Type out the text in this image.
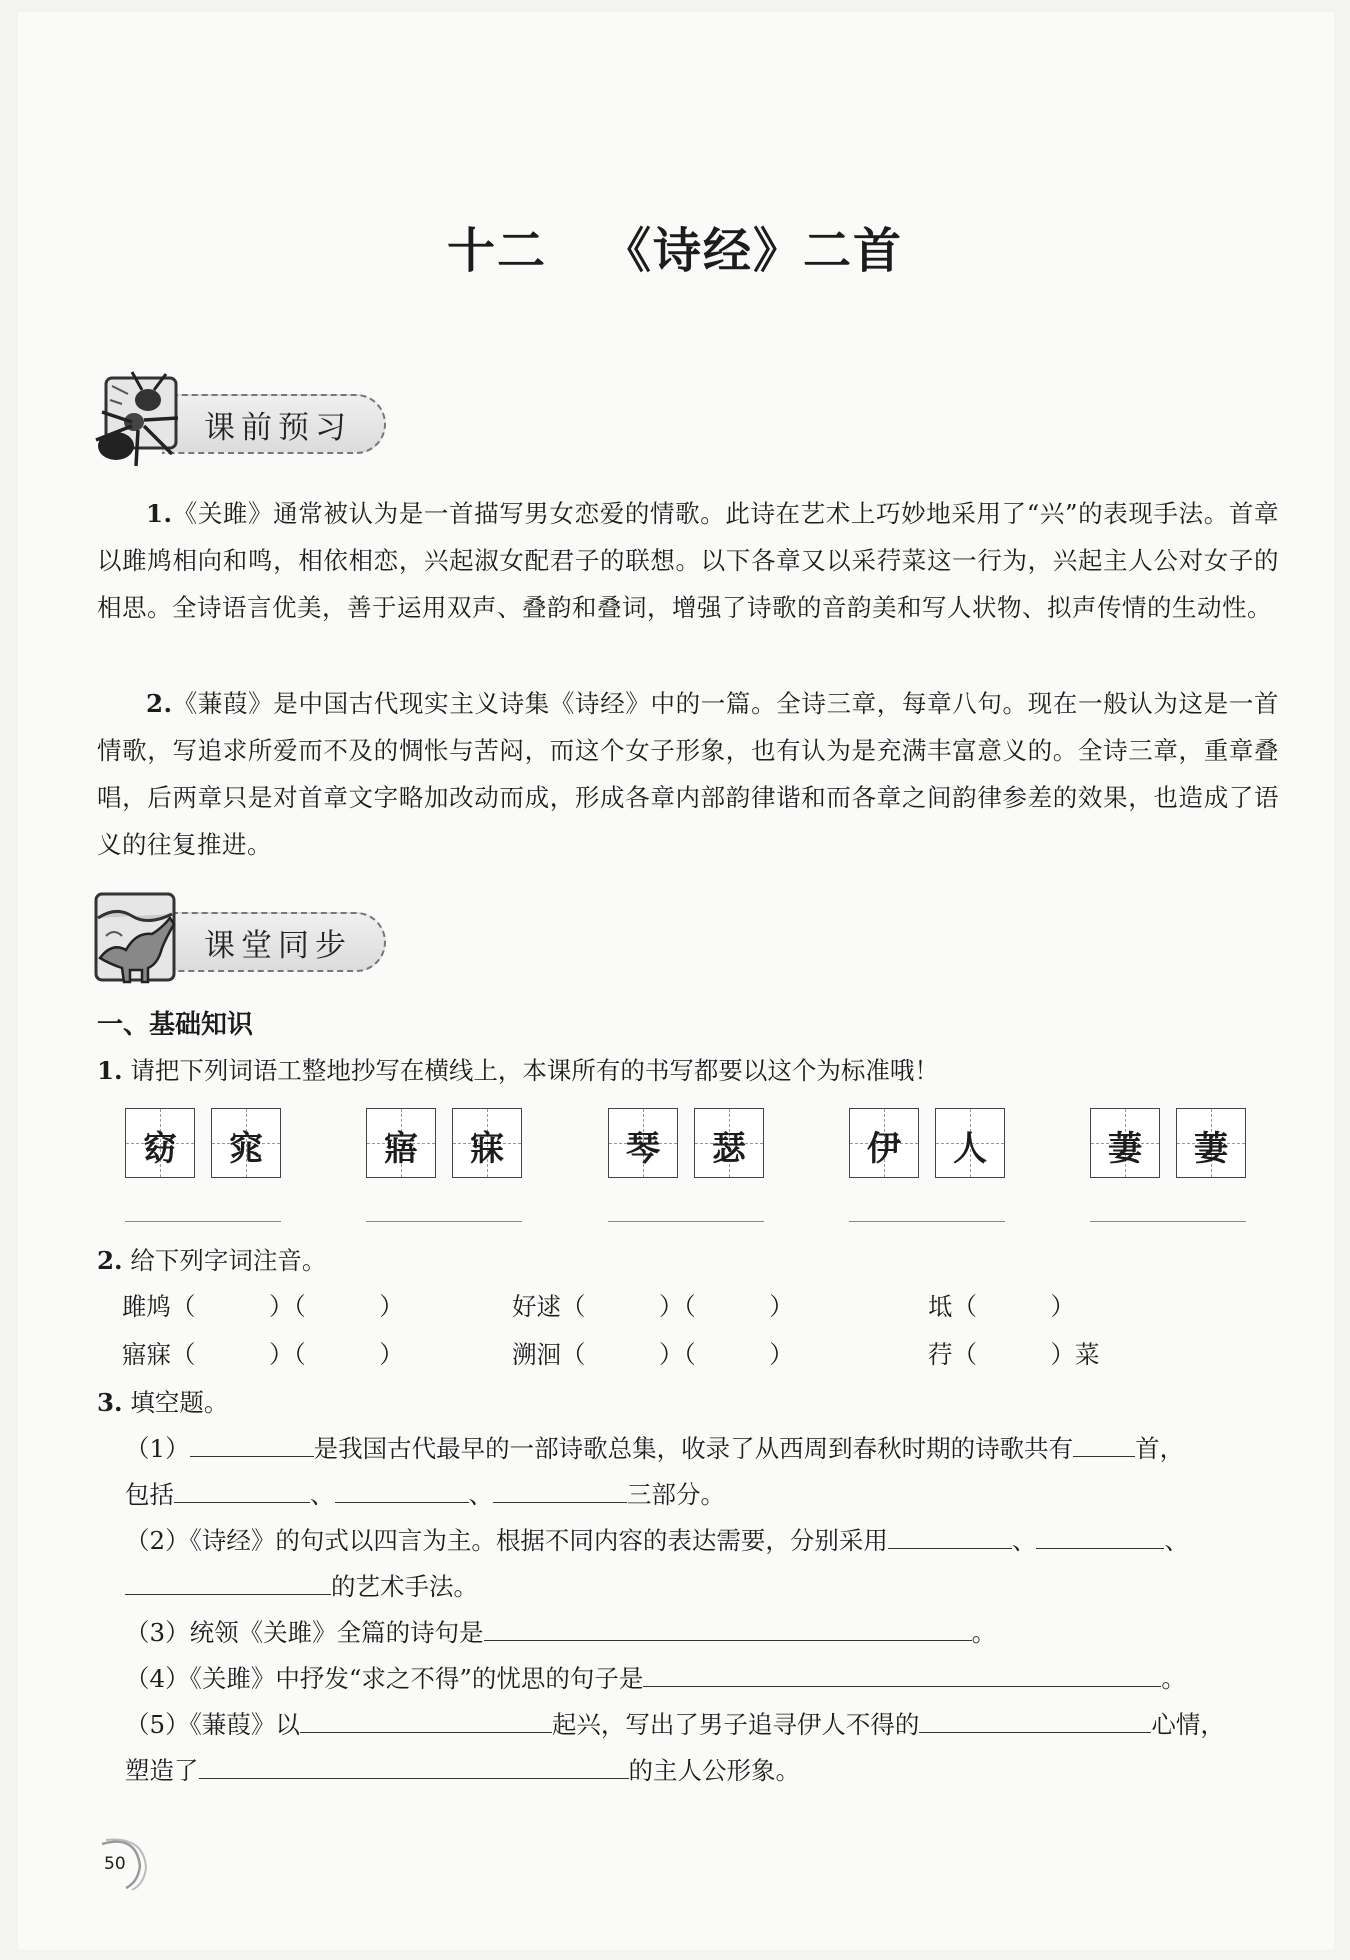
十二 《诗经》二首
课前预习
1.《关雎》通常被认为是一首描写男女恋爱的情歌。此诗在艺术上巧妙地采用了“兴”的表现手法。首章以雎鸠相向和鸣，相依相恋，兴起淑女配君子的联想。以下各章又以采荇菜这一行为，兴起主人公对女子的相思。全诗语言优美，善于运用双声、叠韵和叠词，增强了诗歌的音韵美和写人状物、拟声传情的生动性。
2.《蒹葭》是中国古代现实主义诗集《诗经》中的一篇。全诗三章，每章八句。现在一般认为这是一首情歌，写追求所爱而不及的惆怅与苦闷，而这个女子形象，也有认为是充满丰富意义的。全诗三章，重章叠唱，后两章只是对首章文字略加改动而成，形成各章内部韵律谐和而各章之间韵律参差的效果，也造成了语义的往复推进。
课堂同步
一、基础知识
1. 请把下列词语工整地抄写在横线上，本课所有的书写都要以这个为标准哦！
窈	窕	寤	寐	琴	瑟	伊	人	萋	萋
2. 给下列字词注音。
雎鸠（　　　）（　　　）	好逑（　　　）（　　　）	坻（　　　）
寤寐（　　　）（　　　）	溯洄（　　　）（　　　）	荇（　　　）菜
3. 填空题。
（1）	是我国古代最早的一部诗歌总集，收录了从西周到春秋时期的诗歌共有	首，
包括	、	、	三部分。
（2）《诗经》的句式以四言为主。根据不同内容的表达需要，分别采用	、	、
的艺术手法。
（3）统领《关雎》全篇的诗句是	。
（4）《关雎》中抒发“求之不得”的忧思的句子是	。
（5）《蒹葭》以	起兴，写出了男子追寻伊人不得的	心情，
塑造了	的主人公形象。
50
